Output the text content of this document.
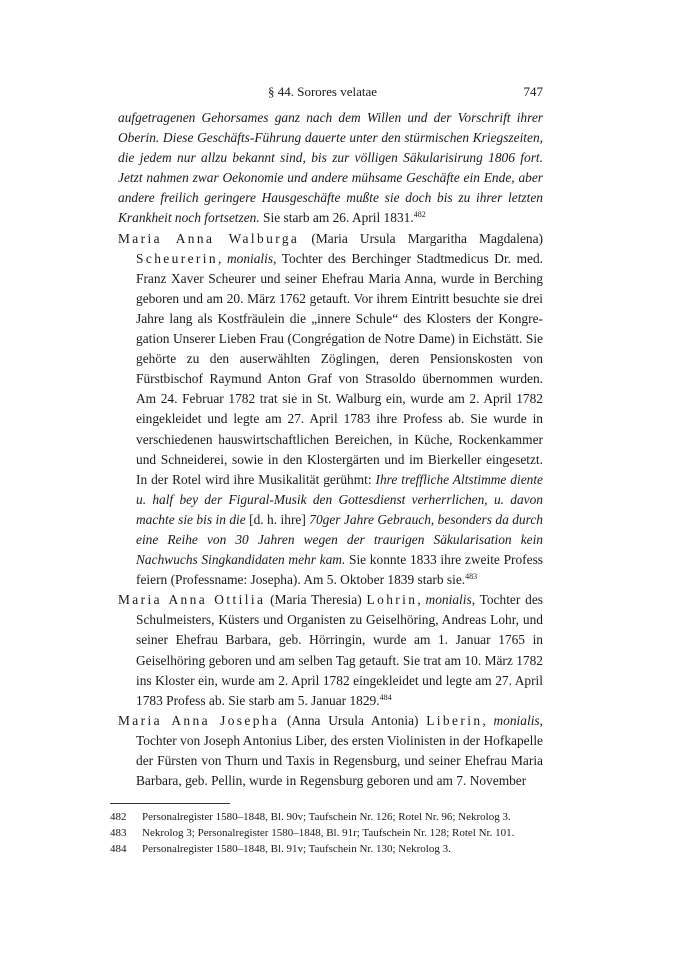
§ 44. Sorores velatae	747

aufgetragenen Gehorsames ganz nach dem Willen und der Vorschrift ihrer Oberin. Diese Geschäfts-Führung dauerte unter den stürmischen Kriegszeiten, die jedem nur allzu bekannt sind, bis zur völligen Säkularisirung 1806 fort. Jetzt nahmen zwar Oekonomie und andere mühsame Geschäfte ein Ende, aber andere freilich geringere Hausgeschäfte mußte sie doch bis zu ihrer letzten Krankheit noch fortsetzen. Sie starb am 26. April 1831.$^{482}$

Maria Anna Walburga (Maria Ursula Margaritha Magdalena) Scheurerin, monialis, Tochter des Berchinger Stadtmedicus Dr. med. Franz Xaver Scheurer und seiner Ehefrau Maria Anna, wurde in Berching geboren und am 20. März 1762 getauft. Vor ihrem Eintritt besuchte sie drei Jahre lang als Kostfräulein die „innere Schule“ des Klosters der Kongregation Unserer Lieben Frau (Congrégation de Notre Dame) in Eichstätt. Sie gehörte zu den auserwählten Zöglingen, deren Pensionskosten von Fürstbischof Raymund Anton Graf von Strasoldo übernommen wurden. Am 24. Februar 1782 trat sie in St. Walburg ein, wurde am 2. April 1782 eingekleidet und legte am 27. April 1783 ihre Profess ab. Sie wurde in verschiedenen hauswirtschaftlichen Bereichen, in Küche, Rockenkammer und Schneiderei, sowie in den Klostergärten und im Bierkeller eingesetzt. In der Rotel wird ihre Musikalität gerühmt: Ihre treffliche Altstimme diente u. half bey der Figural-Musik den Gottesdienst verherrlichen, u. davon machte sie bis in die [d. h. ihre] 70ger Jahre Gebrauch, besonders da durch eine Reihe von 30 Jahren wegen der traurigen Säkularisation kein Nachwuchs Singkandidaten mehr kam. Sie konnte 1833 ihre zweite Profess feiern (Professname: Josepha). Am 5. Oktober 1839 starb sie.$^{483}$

Maria Anna Ottilia (Maria Theresia) Lohrin, monialis, Tochter des Schulmeisters, Küsters und Organisten zu Geiselhöring, Andreas Lohr, und seiner Ehefrau Barbara, geb. Hörringin, wurde am 1. Januar 1765 in Geiselhöring geboren und am selben Tag getauft. Sie trat am 10. März 1782 ins Kloster ein, wurde am 2. April 1782 eingekleidet und legte am 27. April 1783 Profess ab. Sie starb am 5. Januar 1829.$^{484}$

Maria Anna Josepha (Anna Ursula Antonia) Liberin, monialis, Tochter von Joseph Antonius Liber, des ersten Violinisten in der Hofkapelle der Fürsten von Thurn und Taxis in Regensburg, und seiner Ehefrau Maria Barbara, geb. Pellin, wurde in Regensburg geboren und am 7. November

482 Personalregister 1580–1848, Bl. 90v; Taufschein Nr. 126; Rotel Nr. 96; Nekrolog 3.
483 Nekrolog 3; Personalregister 1580–1848, Bl. 91r; Taufschein Nr. 128; Rotel Nr. 101.
484 Personalregister 1580–1848, Bl. 91v; Taufschein Nr. 130; Nekrolog 3.
